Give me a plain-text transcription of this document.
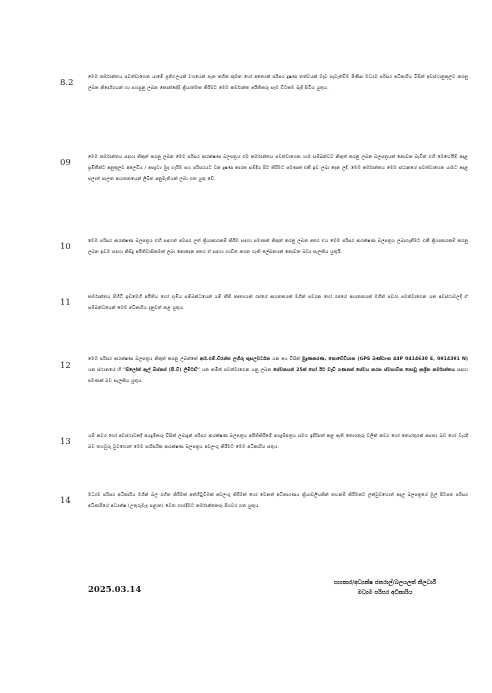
8.2
මෙම කර්මාන්තය පවත්වාගෙන යාමේ ප්‍රතිඵලයක් වශයෙන් පැන නගින කුමන හෝ අත්‍යෙක් පරිසර දූෂණ තත්වයක් මැඩ පැවැත්වීම පිණිස මධ්‍යම පරිසර අධිකාරිය විසින් අවස්ථානුකූලව කරනු ලබන නිර්දේශයන් හා පහසුනු ලබන කොන්දේසි ක්‍රියාත්මක කිරීමට මෙම කර්මාන්ත අයිතිකරු සෑම විටකම බැදී සිටිය යුතුය.
09
මෙම කර්මාන්තය සඳහා නිකුත් කරනු ලබන මෙම පරිසර ආරක්ෂණ බලපත්‍රය එම කර්මාන්තය පවත්වාගෙන යාම සම්බන්ධව නිකුත් කරනු ලබන බලපත්‍රයක් නොවන බැවින් එහි මෙහෙයීම් අදාළ ප්‍රමිතීන්ට අනුකූලව අලෙවිය / අපද්‍රව්‍ය මුදා හැරීම සහ පරිසරයට වන දූෂණ කාරක සම්දිය පිට කිරීමට පමණක් එකී ඉඩ ලබා දෙන ලදී. මෙම කර්මාන්තය මෙම ස්ථානයේ පවත්වාගෙන යාමට අදාළ පලාත් පාලන ආයතනයෙන් ලිඛිත අනුමැතියක් ලබා ගත යුතු වේ.
10
මෙම පරිසර ආරක්ෂණ බලපත්‍රය එහි සඳහන් අවසර ලත් ක්‍රියාකාරකම් කිරීම සඳහා පමණක් නිකුත් කරනු ලබන අතර එය මෙම පරිසර ආරක්ෂණ බලපත්‍රය ලබාගැනීමට එකී ක්‍රියාකාරකම් කරනු ලබන ඉඩම සඳහා කිසිදු අයිතිවාසිකමක් ලබා නොදෙන අතර ඒ සඳහා භාවිත කරන හැකි ලේඛනයක් නොවන බවද සැලකිය යුතුයි.
11
කර්මාන්තය පිහිටි ඉඩමෙහි අයිතිය හෝ භූමිය සම්බන්ධයෙන් යම් නීති කෘත්‍යයක් රජයේ ආයතනයක් මගින් පවරන හෝ රජයේ ආයතනයක් මගින් පවරා පවත්වාගෙන යන අවස්ථාවලදී ඒ සම්බන්ධයෙන් මෙම අධිකාරිය දැනුවත් කළ යුතුය.
12
මෙම පරිසර ආරක්ෂණ බලපත්‍රය නිකුත් කරනු ලබන්නේ ආර්.එම්.චිරන්ත ලහිරු කුසලවර්ධන යන අය විසින් මුද්‍රණකරණ, නොවේවියාන (GPS ඛණ්ඩාංක 44P 0414630 E, 0914391 N) යන ස්ථානයේ හි "සිලෝන් ඇල් බිස්නස් (පී.වී) ලිමිටඩ්" යන නමින් පවත්වාගෙන යනු ලබන සේවකයන් 25ක් හෝ ඊට වැඩි ගණනක් සේවය කරන ස්වභාවික නොවූ ආශ්‍රිත කර්මාන්තය සඳහා පමණක් බව සැලකිය යුතුය.
13
යම් කවර හෝ අවස්ථාවකදී අයදුම්කරු විසින් ලබාදුන් පරිසර ආරක්ෂණ බලපත්‍රය අයිතිකිරීමේ අයදුම්පත්‍රය සමග ඉදිරිපත් කළ ඇති තොරතුරු වලින් කවර හෝ තොරතුරක් අසත්‍ය බව හෝ වැරදි බව තහවුරු වුවහොත් මෙම පාරිසරික ආරක්ෂණ බලපත්‍රය අවලංගු කිරීමට මෙම අධිකාරිය සතුය.
14
මධ්‍යම පරිසර අධිකාරිය මගින් බල රහිත කිරීමක් අත්හිටුවීමක් අවලංගු කිරීමක් හෝ වෙනත් අධිකාරණය ක්‍රියාවලියකින් තහනම් කිරීමකට ලක්වුවහොත් අදාල බලපත්‍රයේ මුල් පිටපත පරිසර අධිකාරියේ අධ්‍යක්ෂ (උතුරුමැද පළාත) වෙත භාරදීමට කර්මාන්තකරු පියවර ගත යුතුය.
2025.03.14
සහකාර/අධ්‍යක්ෂ ජනරාල්/බලයලත් නිලධාරී
මධ්‍යම පරිසර අධිකාරිය
